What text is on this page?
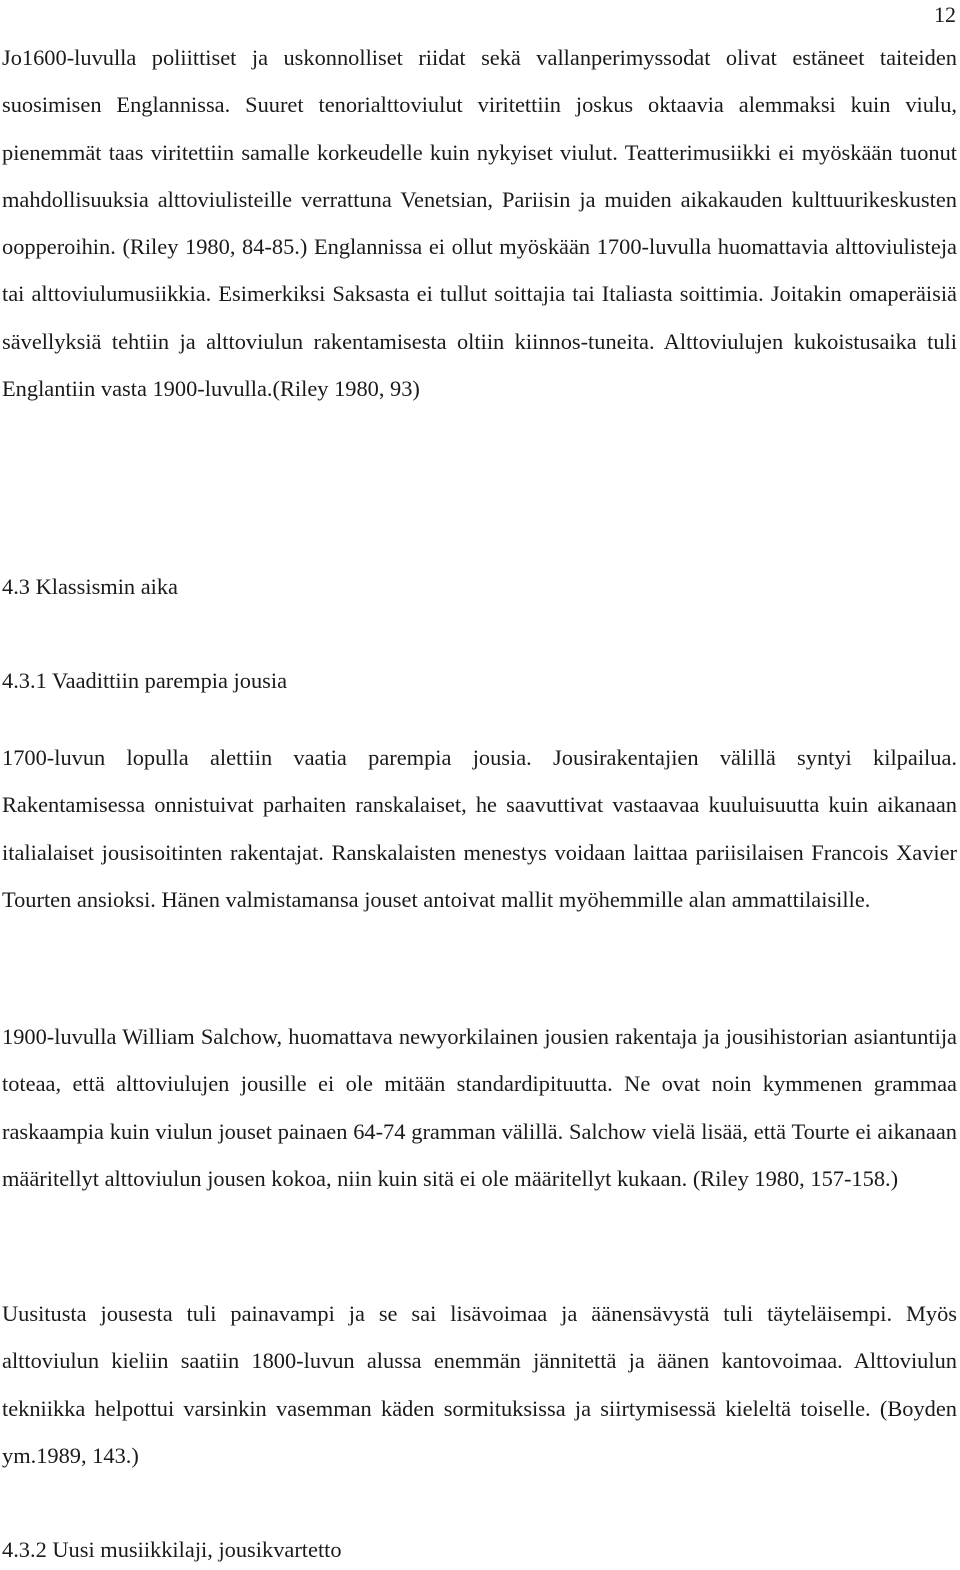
12

Jo1600-luvulla poliittiset ja uskonnolliset riidat sekä vallanperimyssodat olivat estäneet taiteiden suosimisen Englannissa. Suuret tenorialttoviulut viritettiin joskus oktaavia alemmaksi kuin viulu, pienemmät taas viritettiin samalle korkeudelle kuin nykyiset viulut. Teatterimusiikki ei myöskään tuonut mahdollisuuksia alttoviulisteille verrattuna Venetsian, Pariisin ja muiden aikakauden kulttuurikeskusten oopperoihin. (Riley 1980, 84-85.) Englannissa ei ollut myöskään 1700-luvulla huomattavia alttoviulisteja tai alttoviulumusiikkia. Esimerkiksi Saksasta ei tullut soittajia tai Italiasta soittimia. Joitakin omaperäisiä sävellyksiä tehtiin ja alttoviulun rakentamisesta oltiin kiinnos-tuneita. Alttoviulujen kukoistusaika tuli Englantiin vasta 1900-luvulla.(Riley 1980, 93)

4.3 Klassismin aika
4.3.1 Vaadittiin parempia jousia

1700-luvun lopulla alettiin vaatia parempia jousia. Jousirakentajien välillä syntyi kilpailua. Rakentamisessa onnistuivat parhaiten ranskalaiset, he saavuttivat vastaavaa kuuluisuutta kuin aikanaan italialaiset jousisoitinten rakentajat. Ranskalaisten menestys voidaan laittaa pariisilaisen Francois Xavier Tourten ansioksi. Hänen valmistamansa jouset antoivat mallit myöhemmille alan ammattilaisille.

1900-luvulla William Salchow, huomattava newyorkilainen jousien rakentaja ja jousihistorian asiantuntija toteaa, että alttoviulujen jousille ei ole mitään standardipituutta. Ne ovat noin kymmenen grammaa raskaampia kuin viulun jouset painaen 64-74 gramman välillä. Salchow vielä lisää, että Tourte ei aikanaan määritellyt alttoviulun jousen kokoa, niin kuin sitä ei ole määritellyt kukaan. (Riley 1980, 157-158.)

Uusitusta jousesta tuli painavampi ja se sai lisävoimaa ja äänensävystä tuli täyteläisempi. Myös alttoviulun kieliin saatiin 1800-luvun alussa enemmän jännitettä ja äänen kantovoimaa. Alttoviulun tekniikka helpottui varsinkin vasemman käden sormituksissa ja siirtymisessä kieleltä toiselle. (Boyden ym.1989, 143.)

4.3.2 Uusi musiikkilaji, jousikvartetto
